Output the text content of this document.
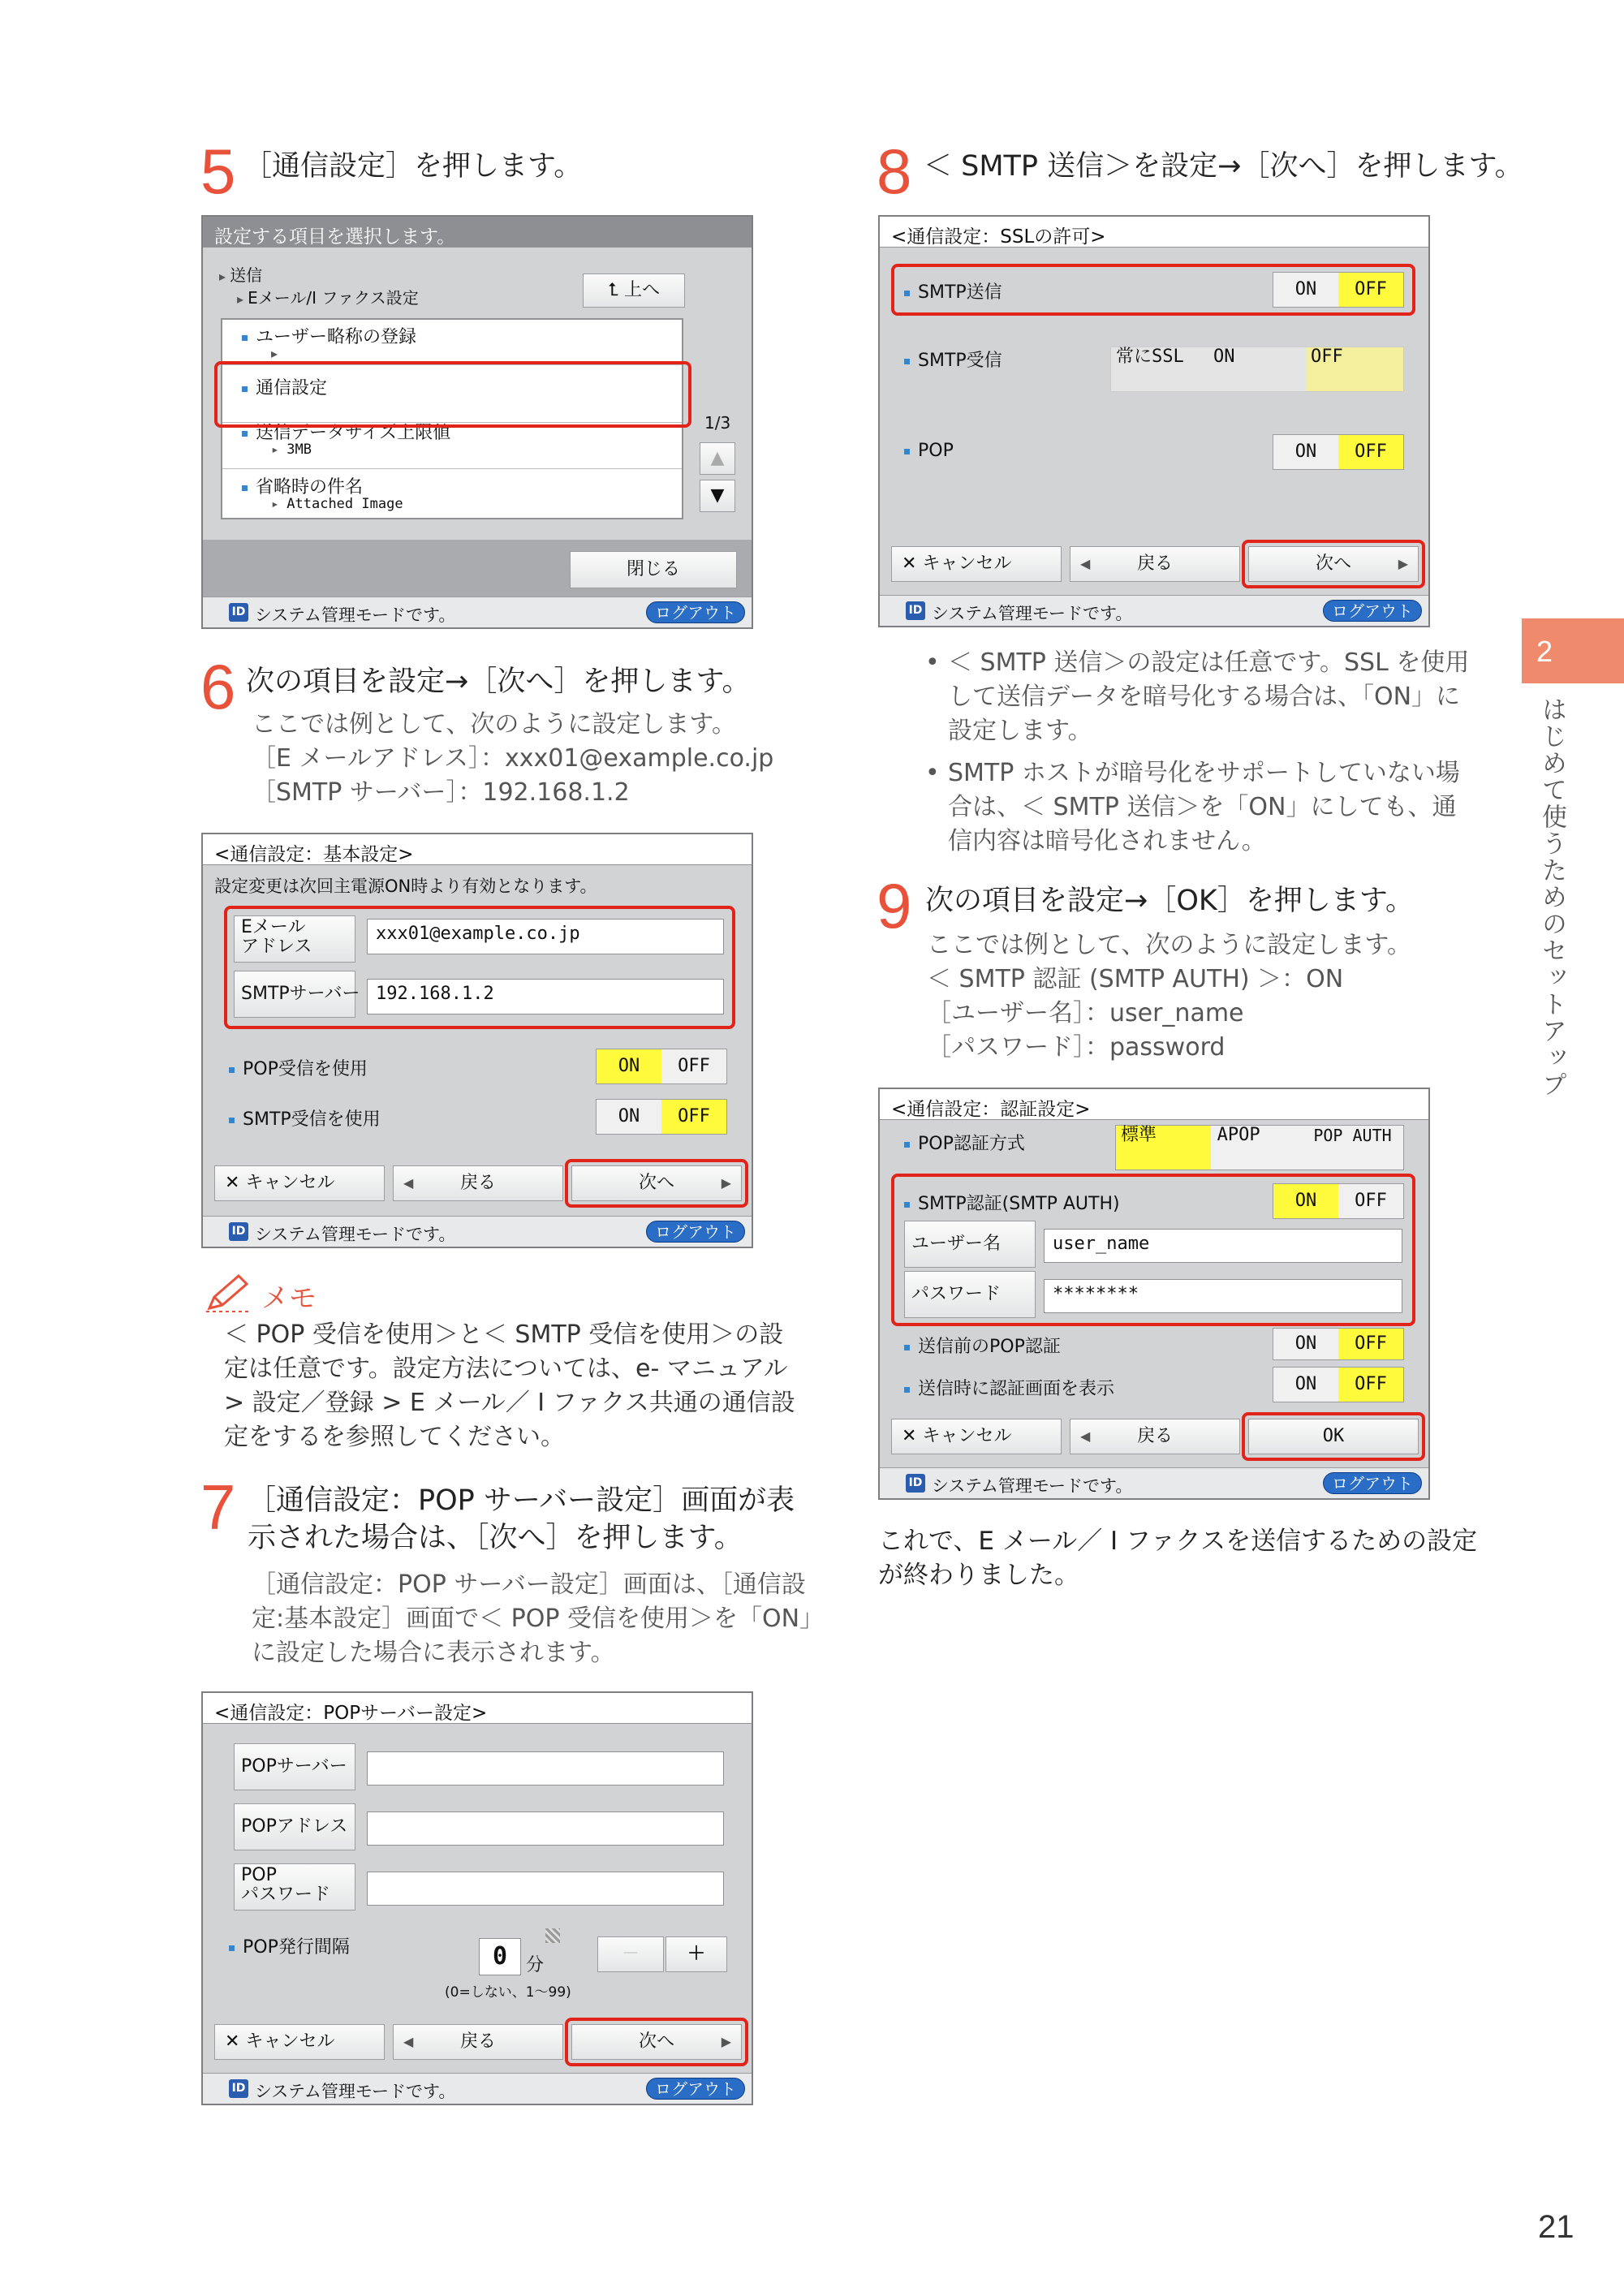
5 ［通信設定］を押します。
設定する項目を選択します。
▸ 送信
▸ Eメール/I ファクス設定	⮤ 上へ
ユーザー略称の登録
▸
通信設定
送信データサイズ上限値
▸ 3MB
省略時の件名
▸ Attached Image
1/3
▲
▼
閉じる
ID システム管理モードです。	ログアウト
6 次の項目を設定→［次へ］を押します。
ここでは例として、次のように設定します。
［E メールアドレス］：xxx01@example.co.jp
［SMTP サーバー］：192.168.1.2
<通信設定：基本設定>
設定変更は次回主電源ON時より有効となります。
Eメール
アドレス
xxx01@example.co.jp
SMTPサーバー 192.168.1.2
POP受信を使用	ON	OFF
SMTP受信を使用	ON	OFF
✕ キャンセル	◀	戻る	次へ	▶
ID システム管理モードです。	ログアウト
メモ
＜ POP 受信を使用＞と＜ SMTP 受信を使用＞の設
定は任意です。設定方法については、e- マニュアル
> 設定／登録 > E メール／ I ファクス共通の通信設
定をするを参照してください。
7 ［通信設定：POP サーバー設定］画面が表
示された場合は、［次へ］を押します。
［通信設定：POP サーバー設定］画面は、［通信設
定:基本設定］画面で＜ POP 受信を使用＞を「ON」
に設定した場合に表示されます。
<通信設定：POPサーバー設定>
POPサーバー
POPアドレス
POP
パスワード
POP発行間隔	0	分
－	＋
(0=しない、1～99)
✕ キャンセル	◀	戻る	次へ	▶
ID システム管理モードです。	ログアウト
8 ＜ SMTP 送信＞を設定→［次へ］を押します。
<通信設定：SSLの許可>
SMTP送信	ON	OFF
SMTP受信	常にSSL	ON	OFF
POP	ON	OFF
✕ キャンセル	◀	戻る	次へ	▶
ID システム管理モードです。	ログアウト
• ＜ SMTP 送信＞の設定は任意です。SSL を使用
して送信データを暗号化する場合は、「ON」に
設定します。
• SMTP ホストが暗号化をサポートしていない場
合は、＜ SMTP 送信＞を「ON」にしても、通
信内容は暗号化されません。
9 次の項目を設定→［OK］を押します。
ここでは例として、次のように設定します。
＜ SMTP 認証 (SMTP AUTH) ＞：ON
［ユーザー名］：user_name
［パスワード］：password
<通信設定：認証設定>
POP認証方式	標準	APOP	POP AUTH
SMTP認証(SMTP AUTH)	ON	OFF
ユーザー名	user_name
パスワード	********
送信前のPOP認証	ON	OFF
送信時に認証画面を表示	ON	OFF
✕ キャンセル	◀	戻る	OK
ID システム管理モードです。	ログアウト
これで、E メール／ I ファクスを送信するための設定
が終わりました。
2
はじめて使うためのセットアップ
21
